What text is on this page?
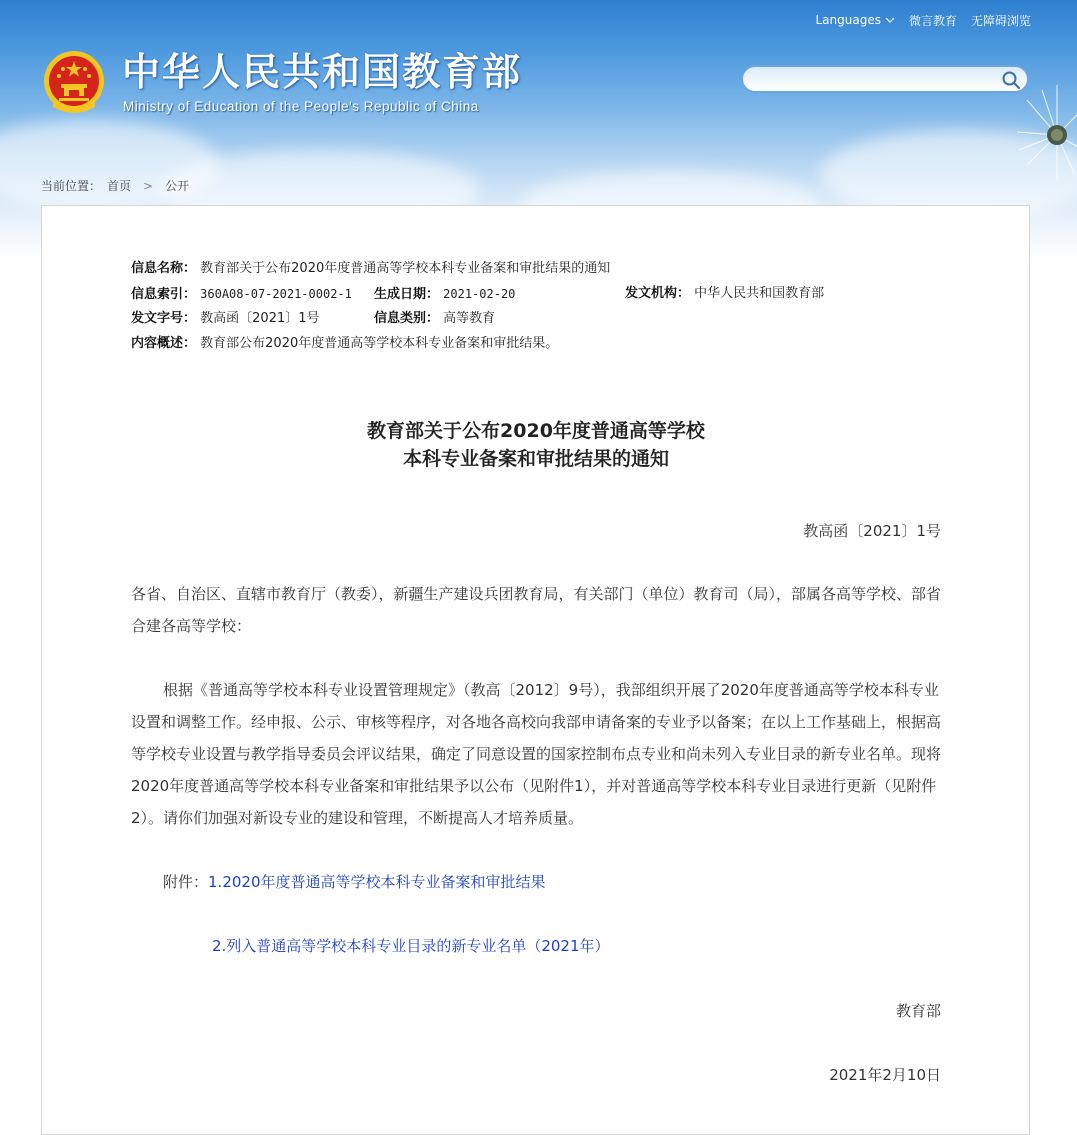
Languages 微言教育 无障碍浏览
中华人民共和国教育部
Ministry of Education of the People's Republic of China
当前位置： 首页 > 公开
信息名称： 教育部关于公布2020年度普通高等学校本科专业备案和审批结果的通知
信息索引： 360A08-07-2021-0002-1 生成日期： 2021-02-20	发文机构： 中华人民共和国教育部
发文字号： 教高函〔2021〕1号	信息类别： 高等教育
内容概述： 教育部公布2020年度普通高等学校本科专业备案和审批结果。
教育部关于公布2020年度普通高等学校
本科专业备案和审批结果的通知
教高函〔2021〕1号
各省、自治区、直辖市教育厅（教委），新疆生产建设兵团教育局，有关部门（单位）教育司（局），部属各高等学校、部省合建各高等学校：
根据《普通高等学校本科专业设置管理规定》（教高〔2012〕9号），我部组织开展了2020年度普通高等学校本科专业设置和调整工作。经申报、公示、审核等程序，对各地各高校向我部申请备案的专业予以备案；在以上工作基础上，根据高等学校专业设置与教学指导委员会评议结果，确定了同意设置的国家控制布点专业和尚未列入专业目录的新专业名单。现将2020年度普通高等学校本科专业备案和审批结果予以公布（见附件1），并对普通高等学校本科专业目录进行更新（见附件2）。请你们加强对新设专业的建设和管理，不断提高人才培养质量。
附件：1.2020年度普通高等学校本科专业备案和审批结果
2.列入普通高等学校本科专业目录的新专业名单（2021年）
教育部
2021年2月10日
